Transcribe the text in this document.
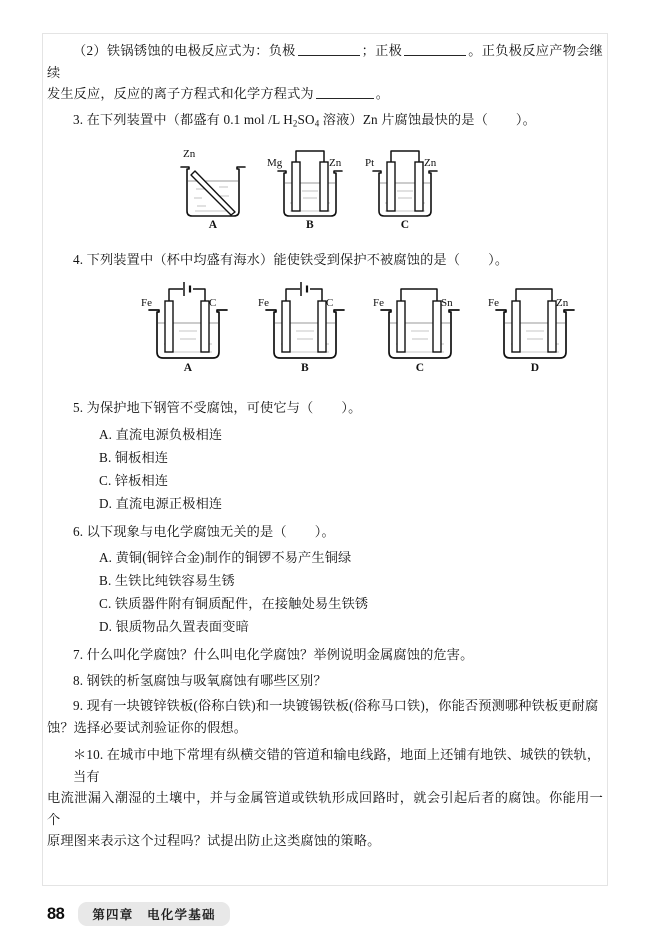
（2）铁锅锈蚀的电极反应式为：负极	；正极	。正负极反应产物会继续

发生反应，反应的离子方程式和化学方程式为	。

3. 在下列装置中（都盛有 0.1 mol /L $H_2SO_4$ 溶液）Zn 片腐蚀最快的是（ ）。

Zn
A
Mg	Zn
B
Pt	Zn
C

4. 下列装置中（杯中均盛有海水）能使铁受到保护不被腐蚀的是（ ）。

Fe	C
A
Fe	C
B
Fe	Sn
C
Fe	Zn
D

5. 为保护地下钢管不受腐蚀，可使它与（ ）。

A. 直流电源负极相连

B. 铜板相连

C. 锌板相连

D. 直流电源正极相连

6. 以下现象与电化学腐蚀无关的是（ ）。

A. 黄铜(铜锌合金)制作的铜锣不易产生铜绿

B. 生铁比纯铁容易生锈

C. 铁质器件附有铜质配件，在接触处易生铁锈

D. 银质物品久置表面变暗

7. 什么叫化学腐蚀？什么叫电化学腐蚀？举例说明金属腐蚀的危害。

8. 钢铁的析氢腐蚀与吸氧腐蚀有哪些区别？

9. 现有一块镀锌铁板(俗称白铁)和一块镀锡铁板(俗称马口铁)，你能否预测哪种铁板更耐腐

蚀？选择必要试剂验证你的假想。

＊10. 在城市中地下常埋有纵横交错的管道和输电线路，地面上还铺有地铁、城铁的铁轨，当有

电流泄漏入潮湿的土壤中，并与金属管道或铁轨形成回路时，就会引起后者的腐蚀。你能用一个

原理图来表示这个过程吗？试提出防止这类腐蚀的策略。

88	第四章　电化学基础
